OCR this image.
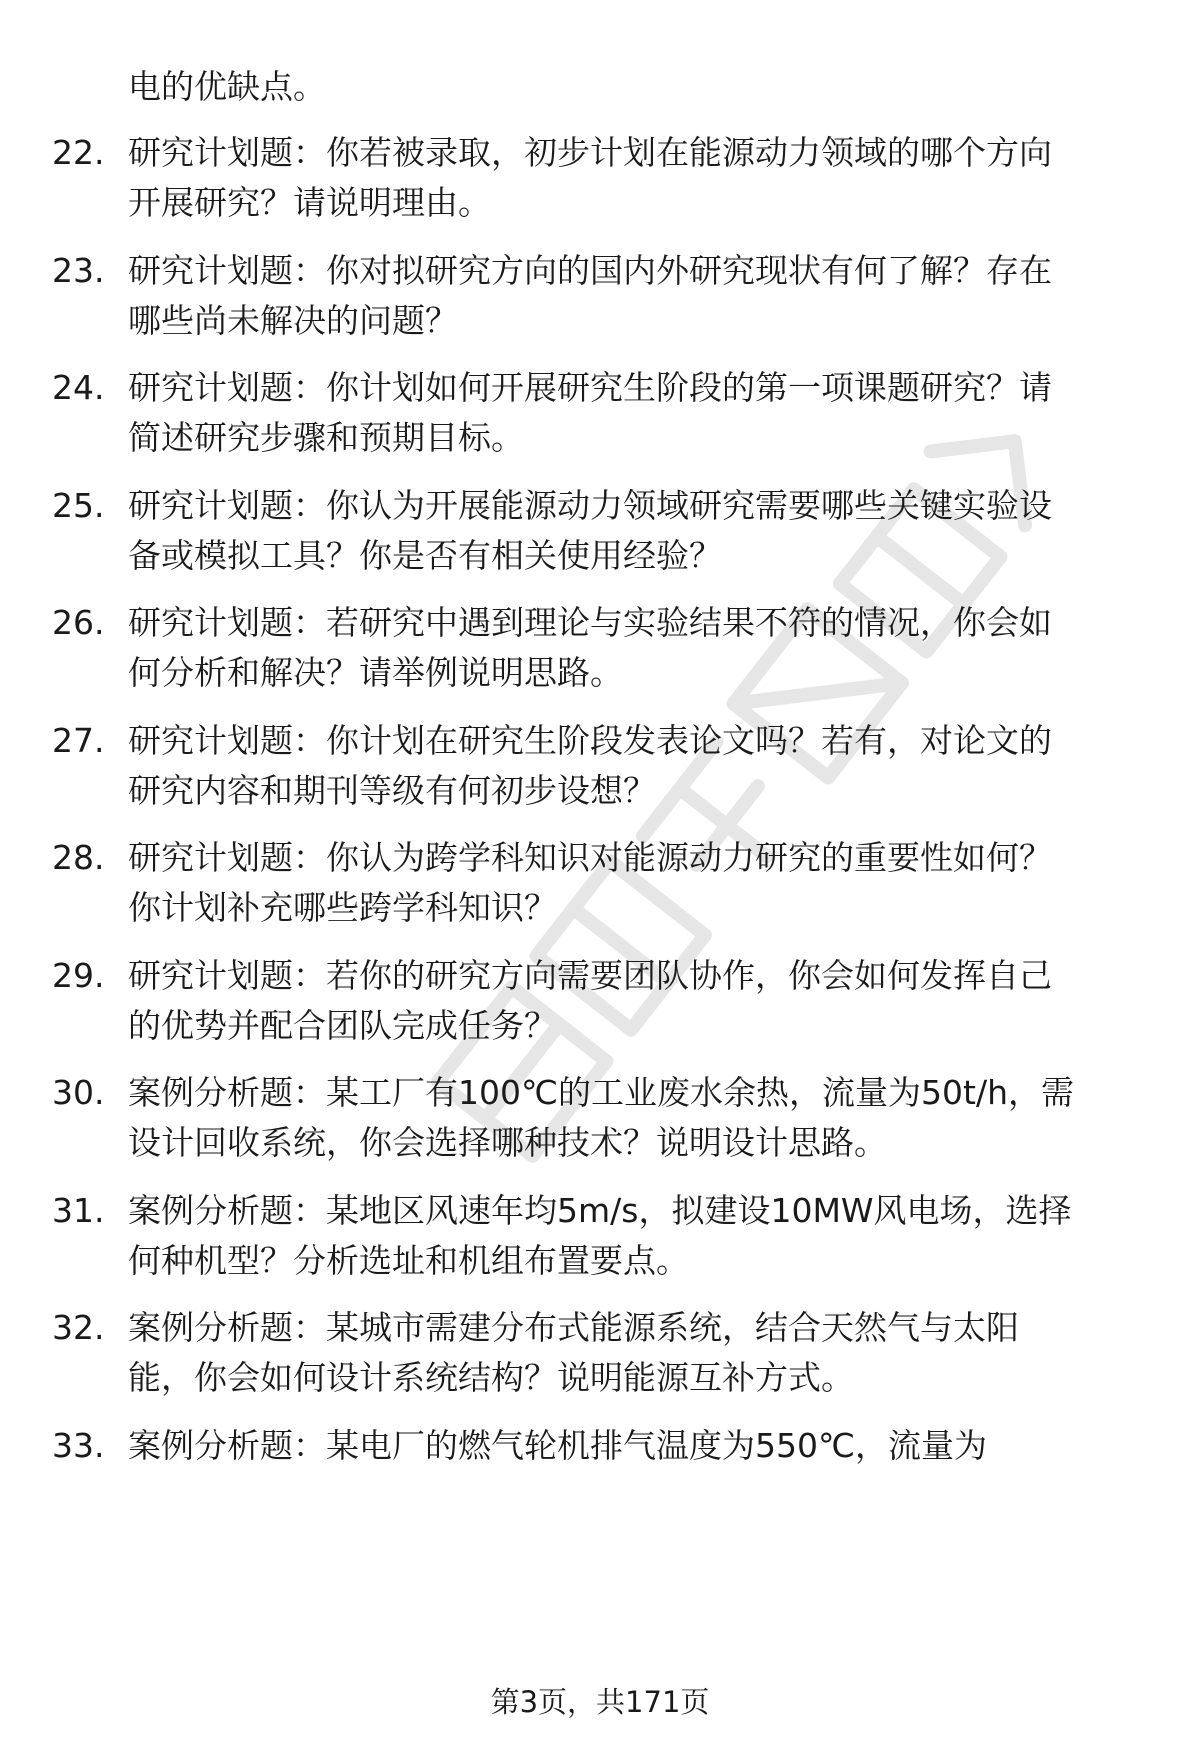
电的优缺点。
22. 研究计划题：你若被录取，初步计划在能源动力领域的哪个方向
开展研究？请说明理由。
23. 研究计划题：你对拟研究方向的国内外研究现状有何了解？存在
哪些尚未解决的问题？
24. 研究计划题：你计划如何开展研究生阶段的第一项课题研究？请
简述研究步骤和预期目标。
25. 研究计划题：你认为开展能源动力领域研究需要哪些关键实验设
备或模拟工具？你是否有相关使用经验？
26. 研究计划题：若研究中遇到理论与实验结果不符的情况，你会如
何分析和解决？请举例说明思路。
27. 研究计划题：你计划在研究生阶段发表论文吗？若有，对论文的
研究内容和期刊等级有何初步设想？
28. 研究计划题：你认为跨学科知识对能源动力研究的重要性如何？
你计划补充哪些跨学科知识？
29. 研究计划题：若你的研究方向需要团队协作，你会如何发挥自己
的优势并配合团队完成任务？
30. 案例分析题：某工厂有100℃的工业废水余热，流量为50t/h，需
设计回收系统，你会选择哪种技术？说明设计思路。
31. 案例分析题：某地区风速年均5m/s，拟建设10MW风电场，选择
何种机型？分析选址和机组布置要点。
32. 案例分析题：某城市需建分布式能源系统，结合天然气与太阳
能，你会如何设计系统结构？说明能源互补方式。
33. 案例分析题：某电厂的燃气轮机排气温度为550℃，流量为
第3页，共171页
